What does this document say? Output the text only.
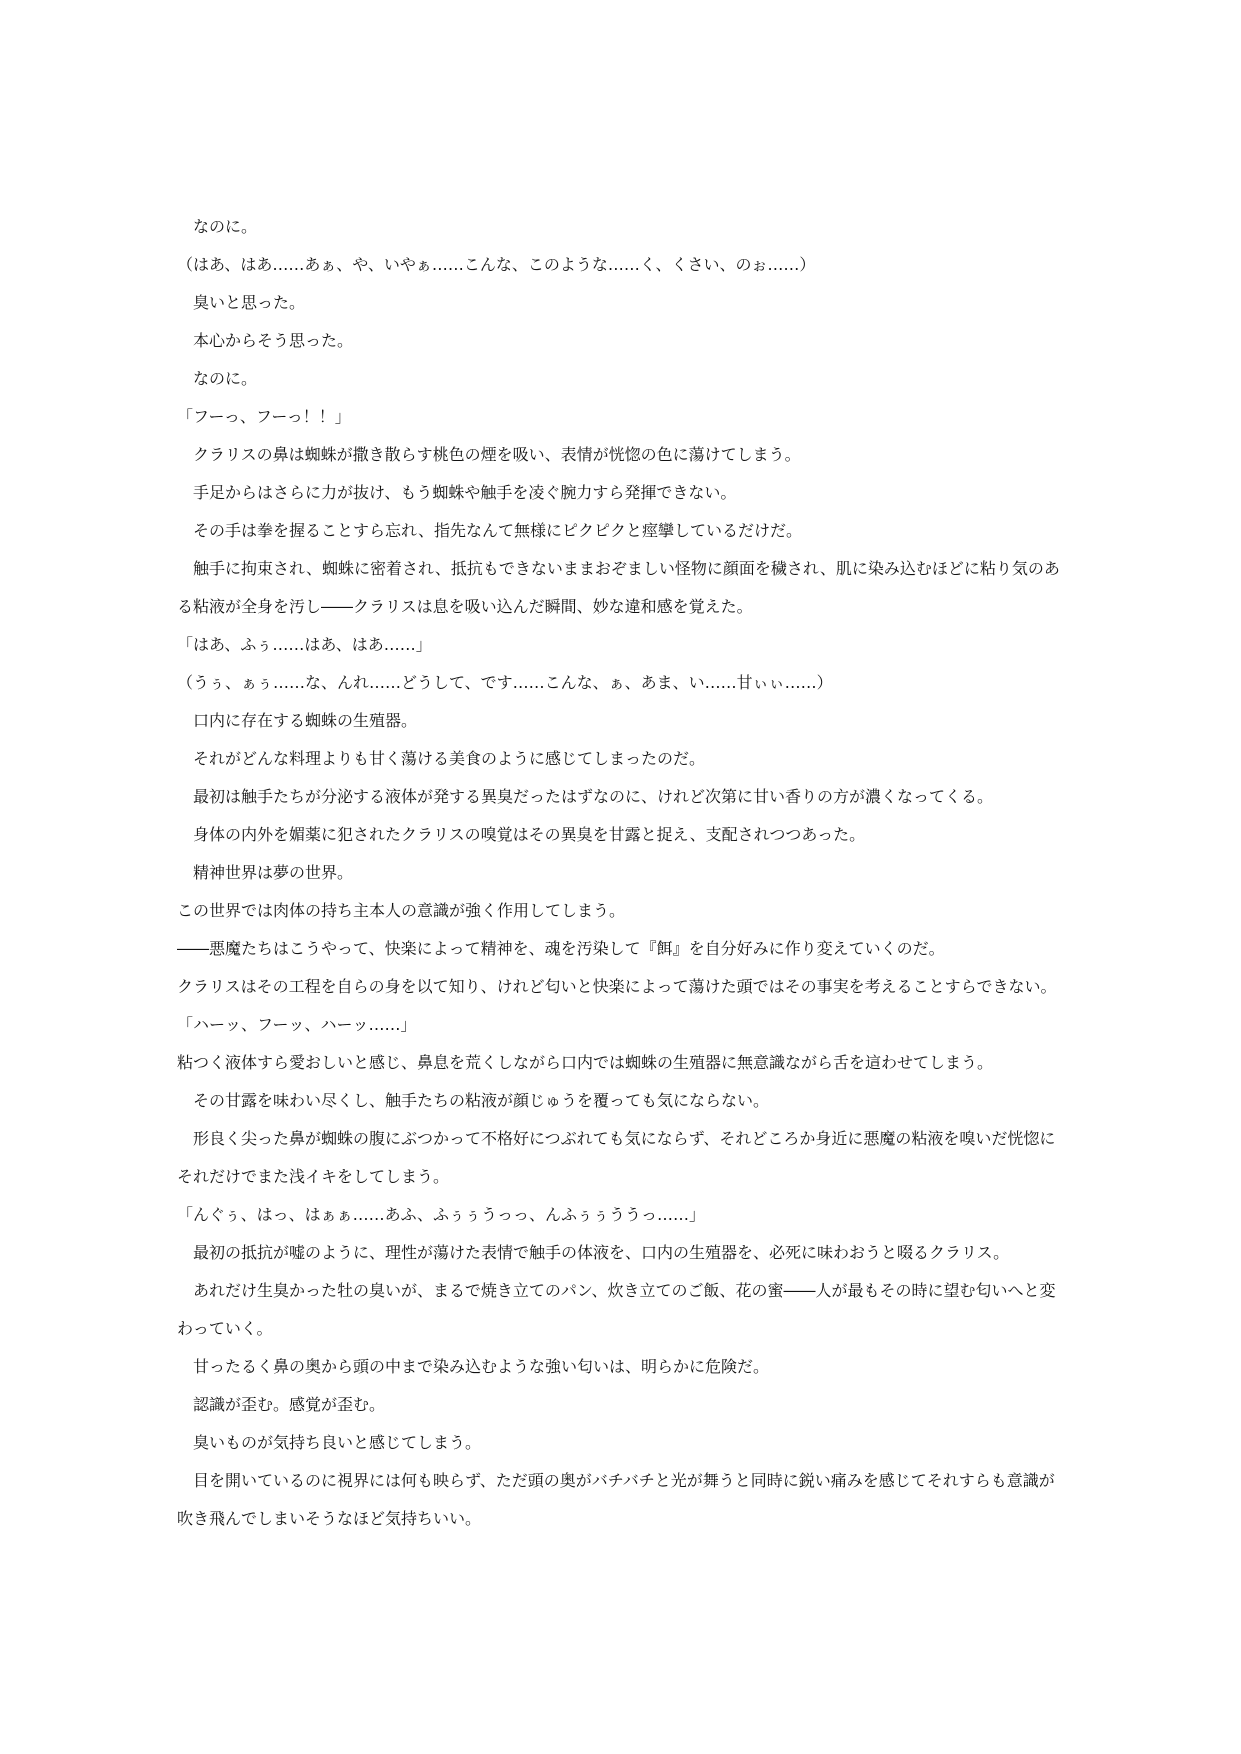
　なのに。

（はあ、はあ……あぁ、や、いやぁ……こんな、このような……く、くさい、のぉ……）

　臭いと思った。

　本心からそう思った。

　なのに。

「フーっ、フーっ！！」

　クラリスの鼻は蜘蛛が撒き散らす桃色の煙を吸い、表情が恍惚の色に蕩けてしまう。

　手足からはさらに力が抜け、もう蜘蛛や触手を凌ぐ腕力すら発揮できない。

　その手は拳を握ることすら忘れ、指先なんて無様にピクピクと痙攣しているだけだ。

　触手に拘束され、蜘蛛に密着され、抵抗もできないままおぞましい怪物に顔面を穢され、肌に染み込むほどに粘り気のある粘液が全身を汚し――クラリスは息を吸い込んだ瞬間、妙な違和感を覚えた。

「はあ、ふぅ……はあ、はあ……」

（うぅ、ぁぅ……な、んれ……どうして、です……こんな、ぁ、あま、い……甘ぃぃ……）

　口内に存在する蜘蛛の生殖器。

　それがどんな料理よりも甘く蕩ける美食のように感じてしまったのだ。

　最初は触手たちが分泌する液体が発する異臭だったはずなのに、けれど次第に甘い香りの方が濃くなってくる。

　身体の内外を媚薬に犯されたクラリスの嗅覚はその異臭を甘露と捉え、支配されつつあった。

　精神世界は夢の世界。

この世界では肉体の持ち主本人の意識が強く作用してしまう。

――悪魔たちはこうやって、快楽によって精神を、魂を汚染して『餌』を自分好みに作り変えていくのだ。

クラリスはその工程を自らの身を以て知り、けれど匂いと快楽によって蕩けた頭ではその事実を考えることすらできない。

「ハーッ、フーッ、ハーッ……」

粘つく液体すら愛おしいと感じ、鼻息を荒くしながら口内では蜘蛛の生殖器に無意識ながら舌を這わせてしまう。

　その甘露を味わい尽くし、触手たちの粘液が顔じゅうを覆っても気にならない。

　形良く尖った鼻が蜘蛛の腹にぶつかって不格好につぶれても気にならず、それどころか身近に悪魔の粘液を嗅いだ恍惚にそれだけでまた浅イキをしてしまう。

「んぐぅ、はっ、はぁぁ……あふ、ふぅぅうっっ、んふぅぅううっ……」

　最初の抵抗が嘘のように、理性が蕩けた表情で触手の体液を、口内の生殖器を、必死に味わおうと啜るクラリス。

　あれだけ生臭かった牡の臭いが、まるで焼き立てのパン、炊き立てのご飯、花の蜜――人が最もその時に望む匂いへと変わっていく。

　甘ったるく鼻の奥から頭の中まで染み込むような強い匂いは、明らかに危険だ。

　認識が歪む。感覚が歪む。

　臭いものが気持ち良いと感じてしまう。

　目を開いているのに視界には何も映らず、ただ頭の奥がバチバチと光が舞うと同時に鋭い痛みを感じてそれすらも意識が吹き飛んでしまいそうなほど気持ちいい。
